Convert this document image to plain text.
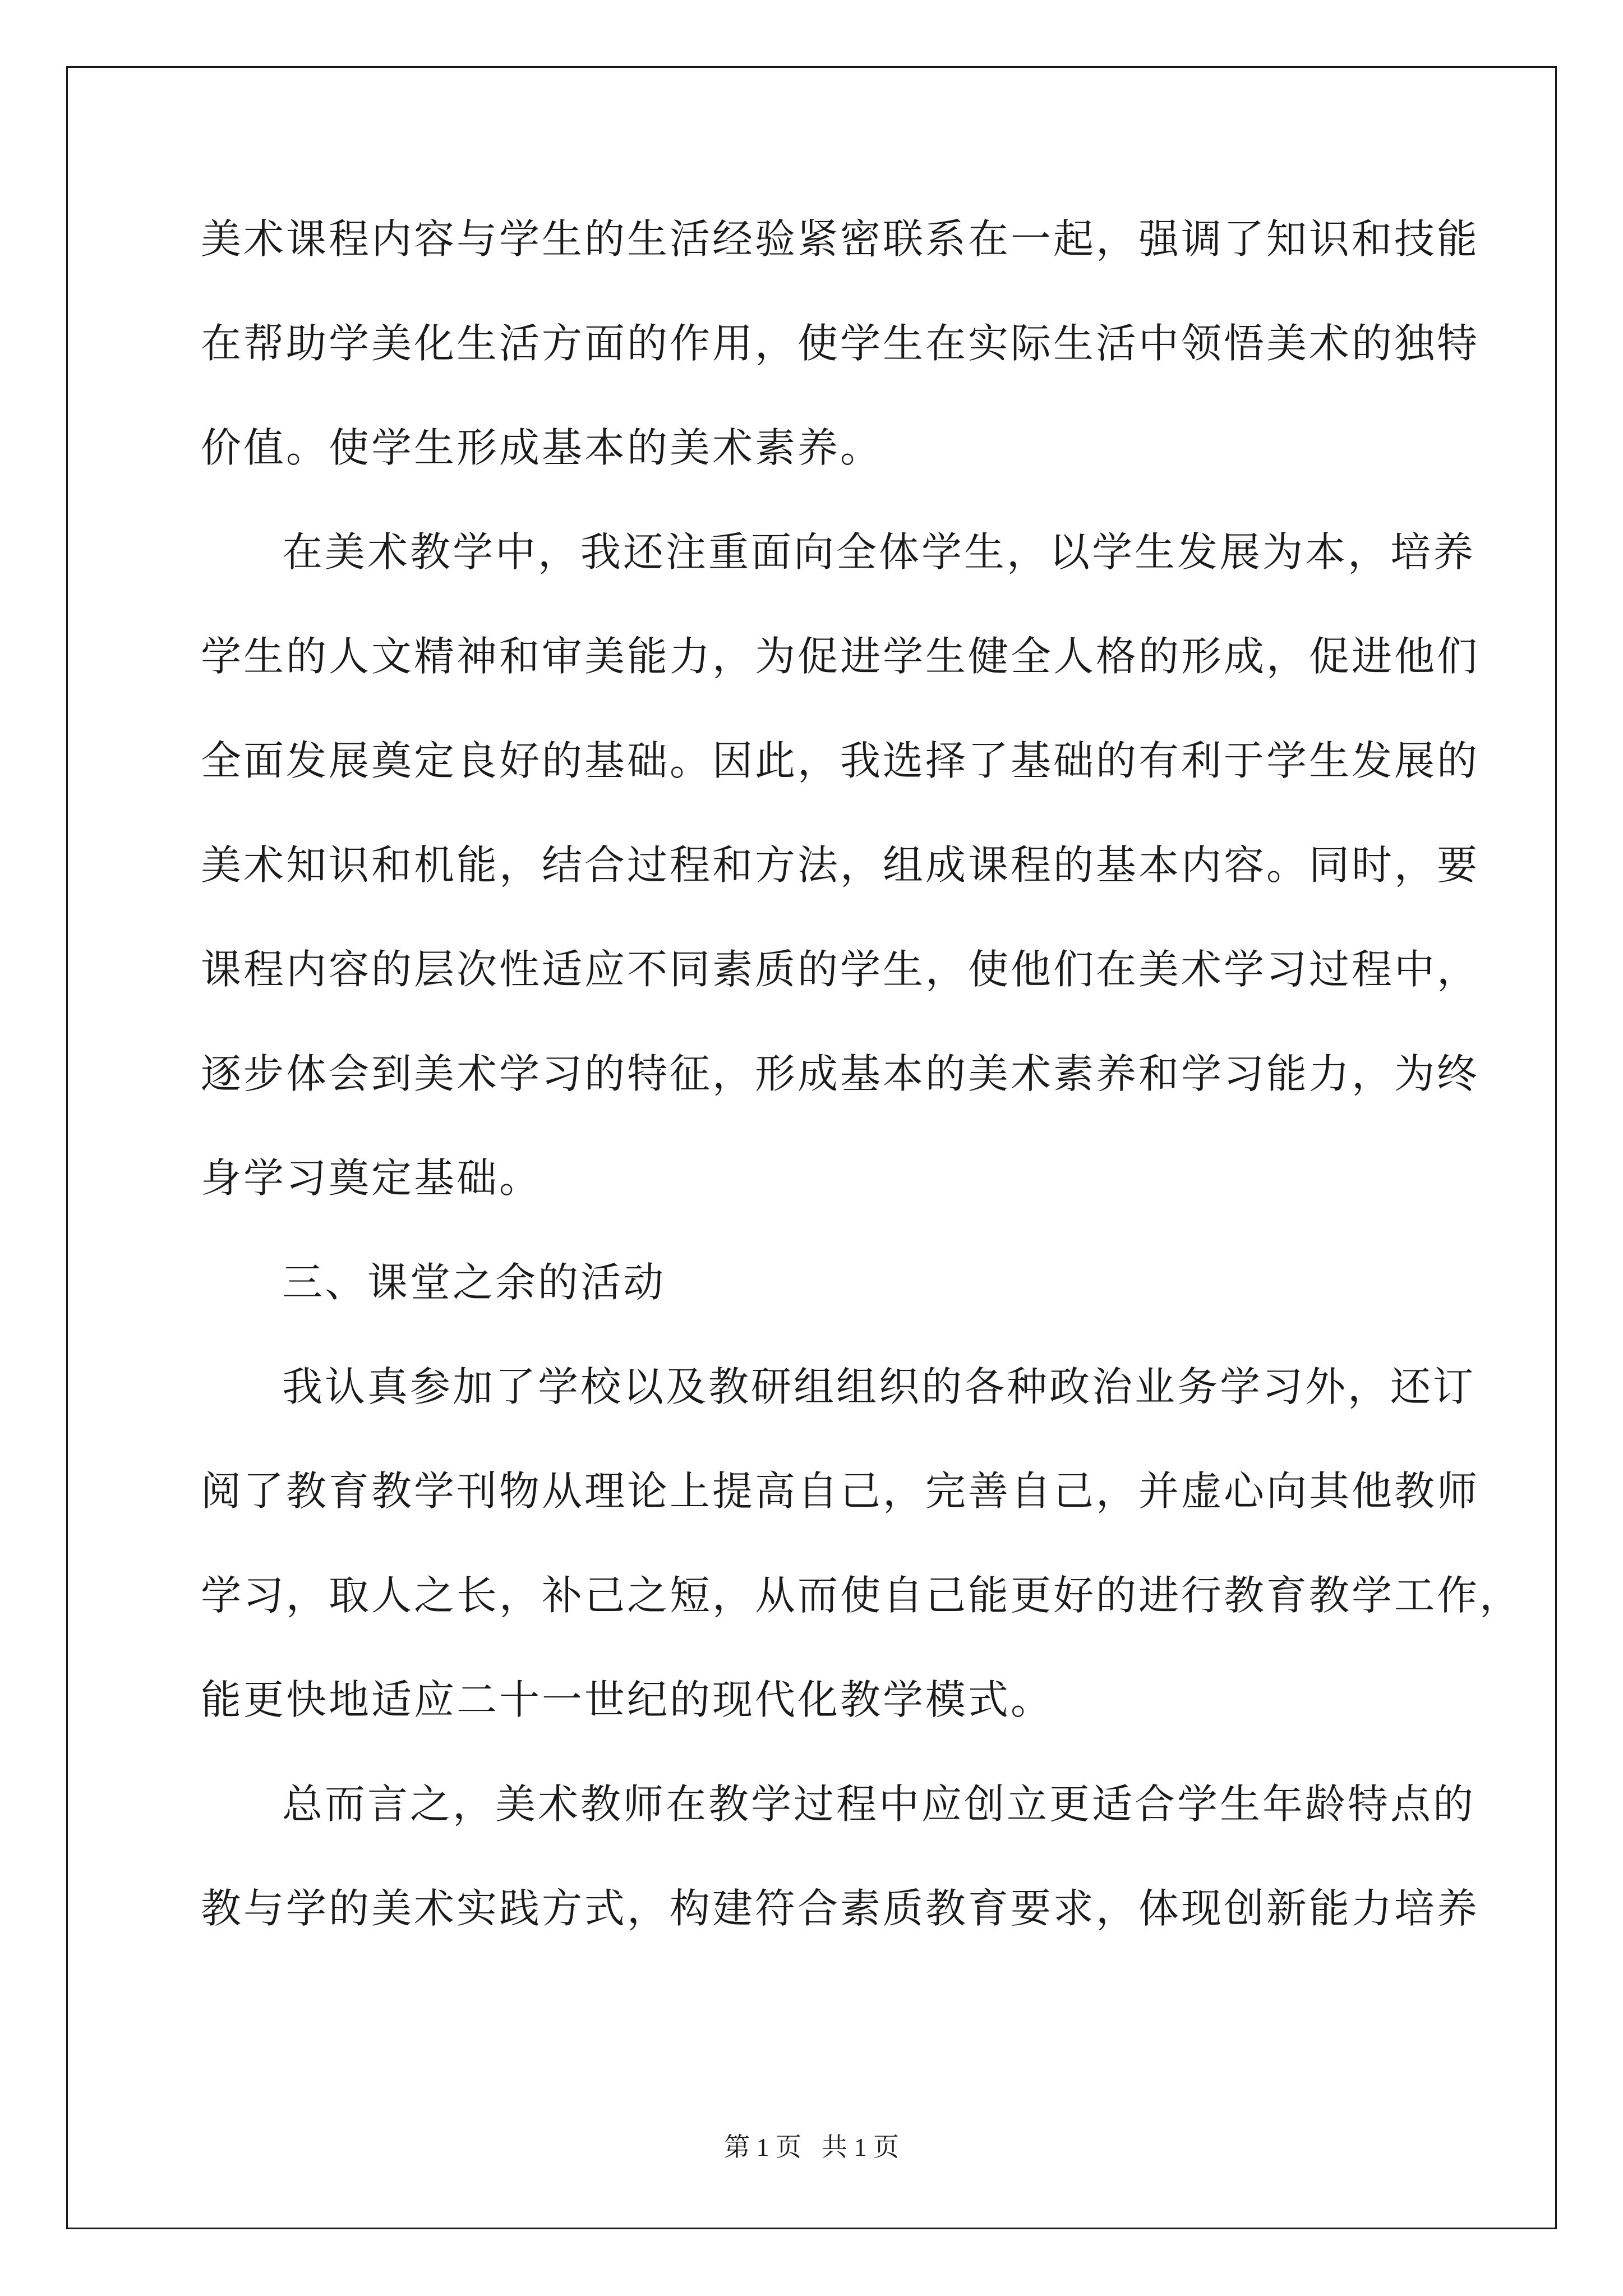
美术课程内容与学生的生活经验紧密联系在一起，强调了知识和技能
在帮助学美化生活方面的作用，使学生在实际生活中领悟美术的独特
价值。使学生形成基本的美术素养。
在美术教学中，我还注重面向全体学生，以学生发展为本，培养
学生的人文精神和审美能力，为促进学生健全人格的形成，促进他们
全面发展奠定良好的基础。因此，我选择了基础的有利于学生发展的
美术知识和机能，结合过程和方法，组成课程的基本内容。同时，要
课程内容的层次性适应不同素质的学生，使他们在美术学习过程中，
逐步体会到美术学习的特征，形成基本的美术素养和学习能力，为终
身学习奠定基础。
三、课堂之余的活动
我认真参加了学校以及教研组组织的各种政治业务学习外，还订
阅了教育教学刊物从理论上提高自己，完善自己，并虚心向其他教师
学习，取人之长，补己之短，从而使自己能更好的进行教育教学工作，
能更快地适应二十一世纪的现代化教学模式。
总而言之，美术教师在教学过程中应创立更适合学生年龄特点的
教与学的美术实践方式，构建符合素质教育要求，体现创新能力培养
第 1 页 共 1 页
